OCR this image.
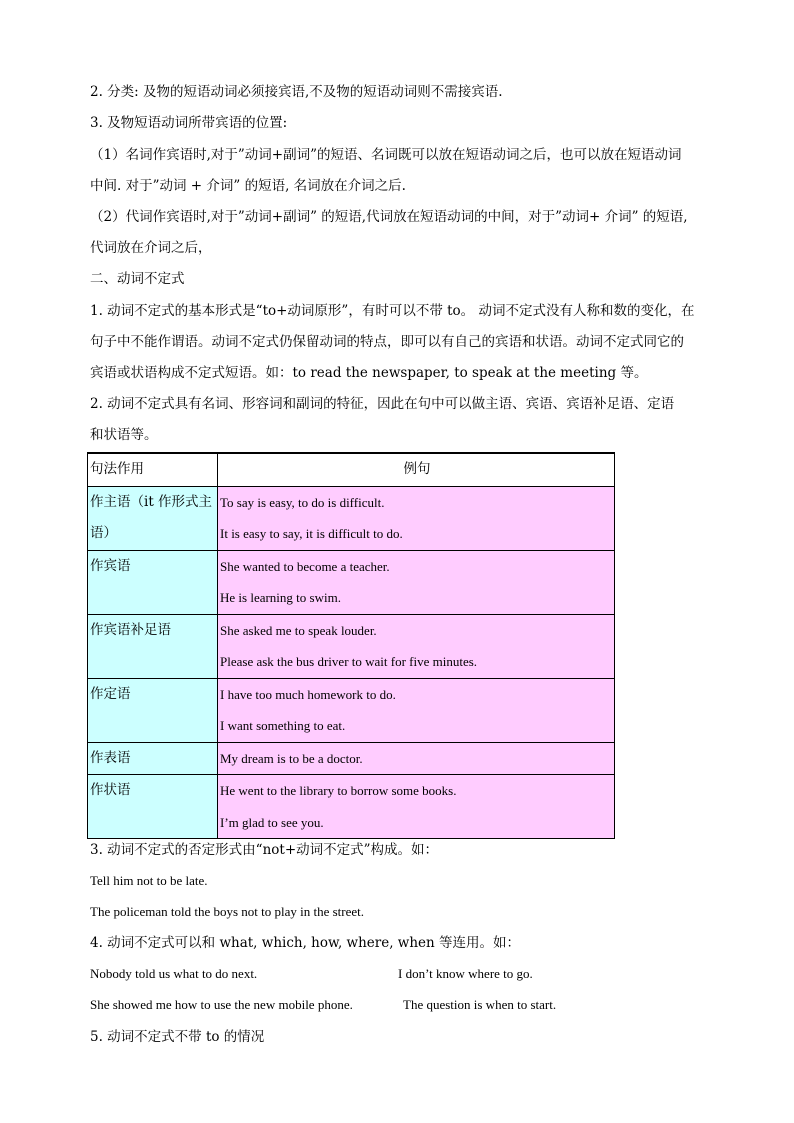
2. 分类: 及物的短语动词必须接宾语,不及物的短语动词则不需接宾语.
3. 及物短语动词所带宾语的位置:
（1）名词作宾语时,对于”动词+副词”的短语、名词既可以放在短语动词之后，也可以放在短语动词
中间. 对于”动词 + 介词” 的短语, 名词放在介词之后.
（2）代词作宾语时,对于”动词+副词” 的短语,代词放在短语动词的中间，对于”动词+ 介词” 的短语,
代词放在介词之后，
二、动词不定式
1. 动词不定式的基本形式是“to+动词原形”，有时可以不带 to。 动词不定式没有人称和数的变化，在
句子中不能作谓语。动词不定式仍保留动词的特点，即可以有自己的宾语和状语。动词不定式同它的
宾语或状语构成不定式短语。如：to read the newspaper, to speak at the meeting 等。
2. 动词不定式具有名词、形容词和副词的特征，因此在句中可以做主语、宾语、宾语补足语、定语
和状语等。
句法作用	例句
作主语（it 作形式主语）	To say is easy, to do is difficult.
It is easy to say, it is difficult to do.

作宾语	She wanted to become a teacher.
He is learning to swim.

作宾语补足语	She asked me to speak louder.
Please ask the bus driver to wait for five minutes.

作定语	I have too much homework to do.
I want something to eat.

作表语	My dream is to be a doctor.

作状语	He went to the library to borrow some books.
I’m glad to see you.
3. 动词不定式的否定形式由“not+动词不定式”构成。如：
Tell him not to be late.
The policeman told the boys not to play in the street.
4. 动词不定式可以和 what, which, how, where, when 等连用。如：
Nobody told us what to do next.	I don’t know where to go.
She showed me how to use the new mobile phone.	The question is when to start.
5. 动词不定式不带 to 的情况
